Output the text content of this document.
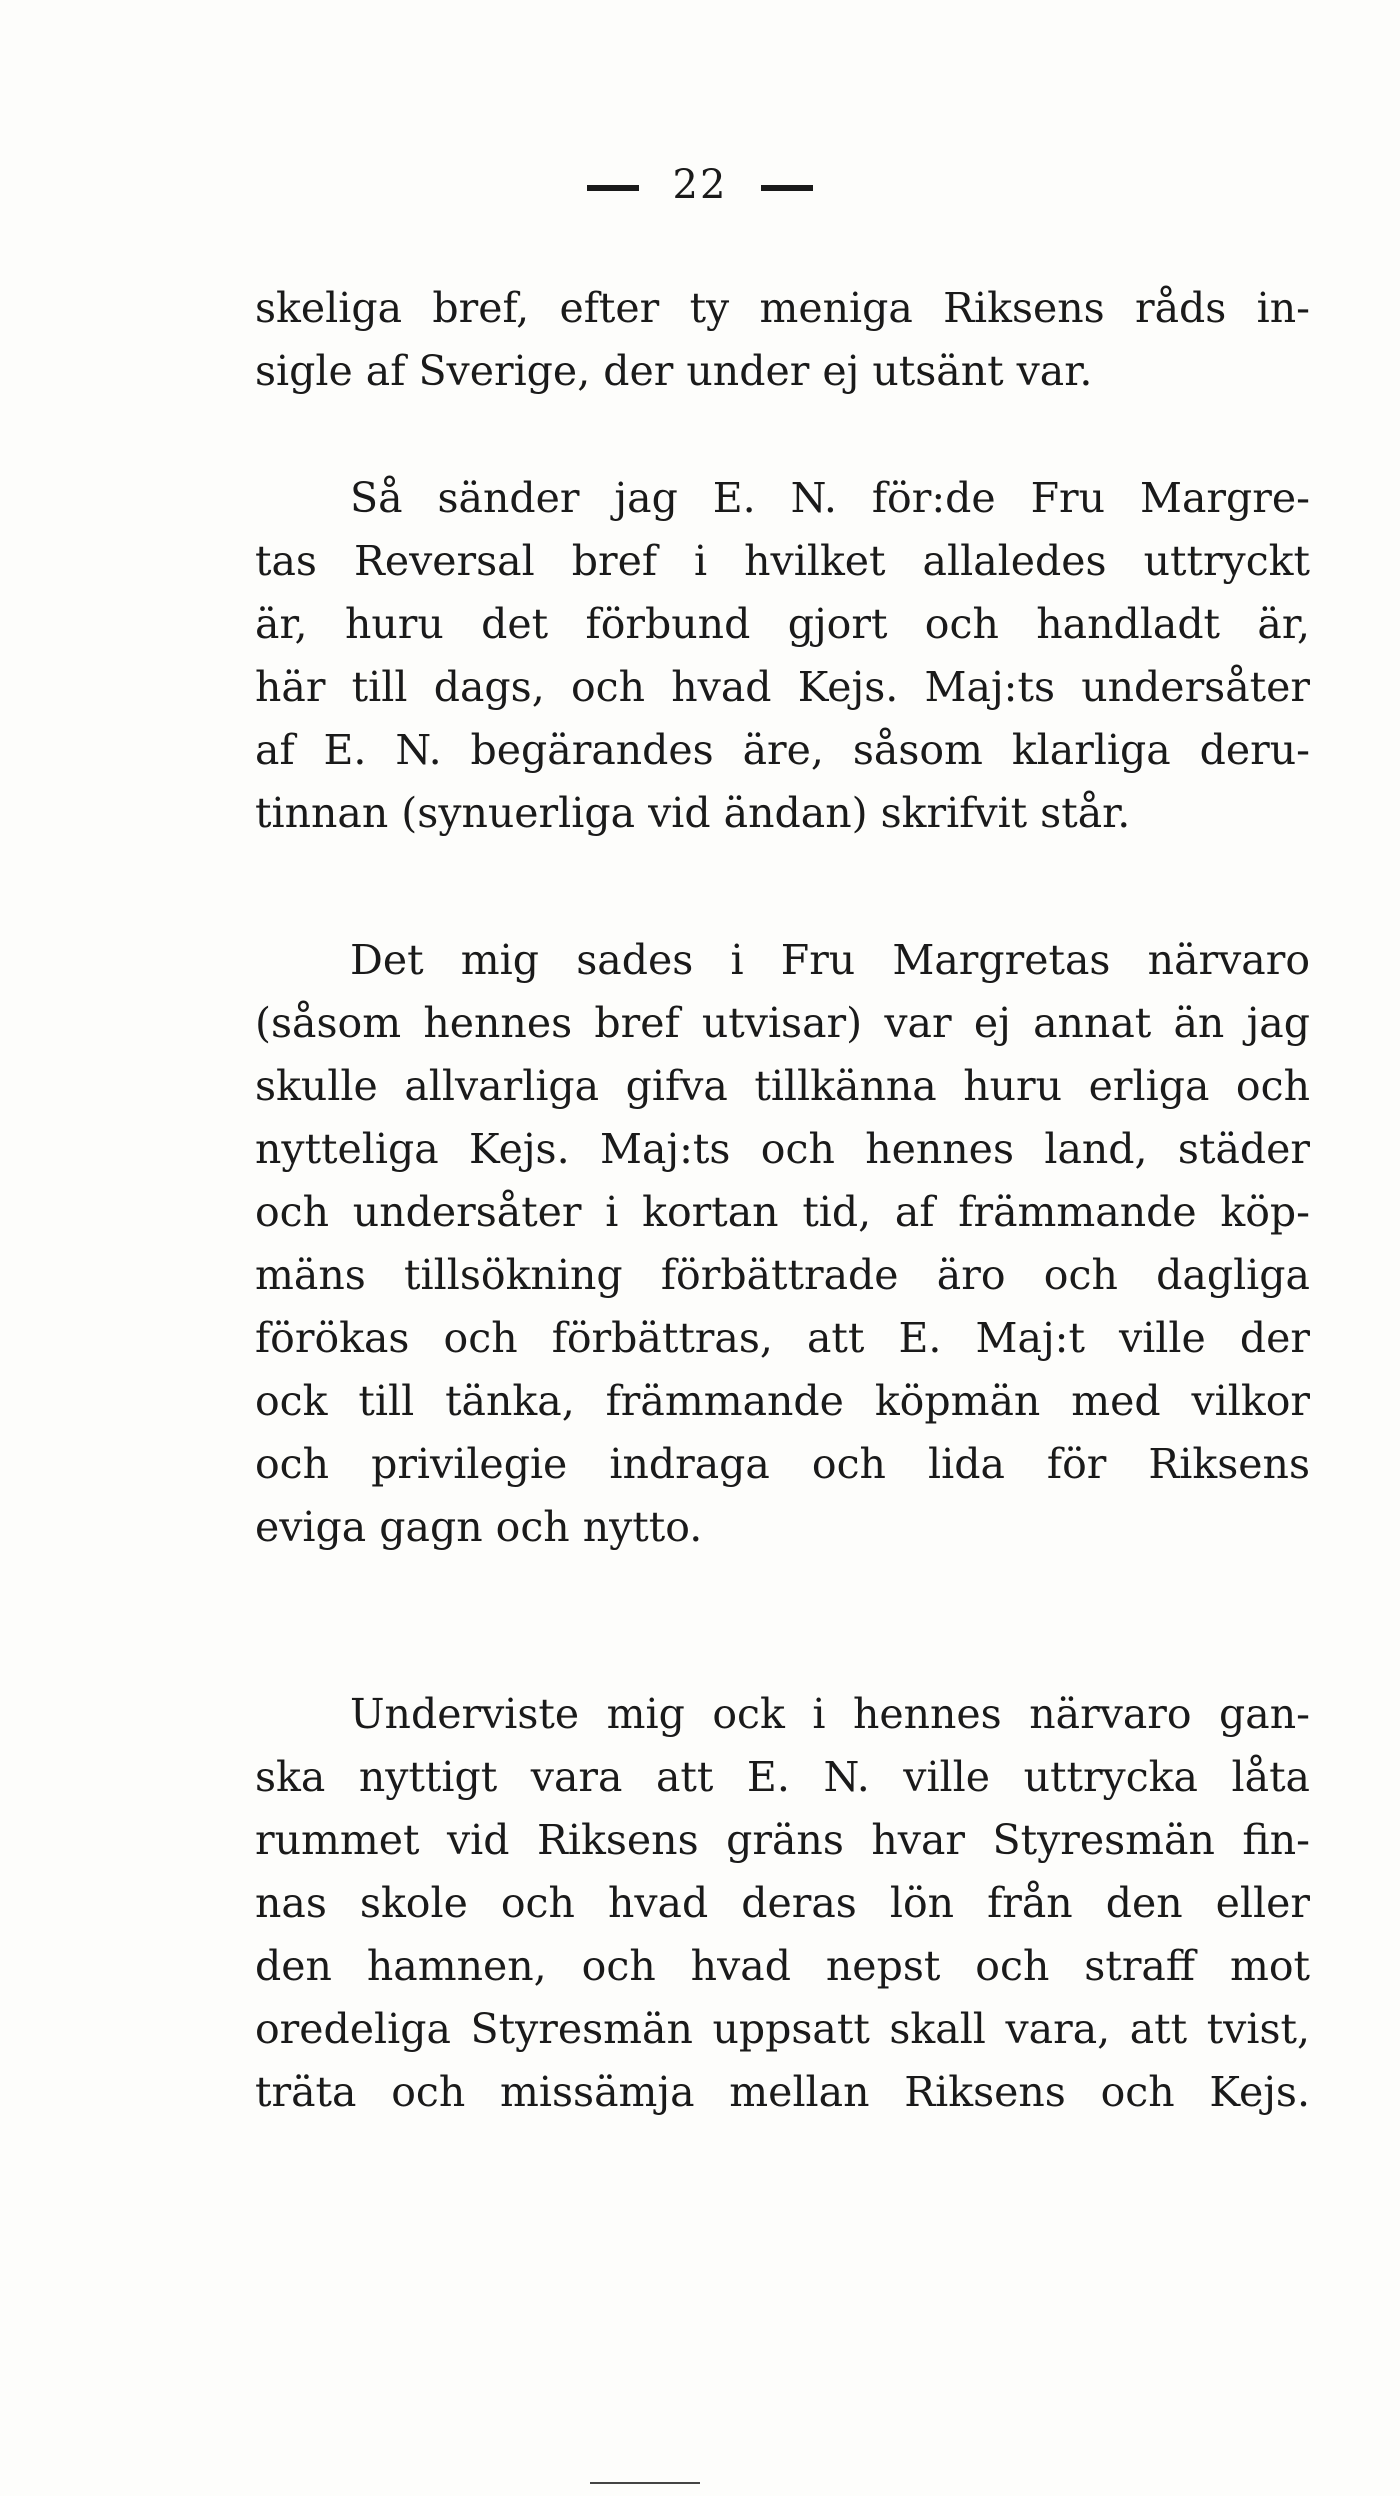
22
skeliga bref, efter ty meniga Riksens råds in-
sigle af Sverige, der under ej utsänt var.
Så sänder jag E. N. för:de Fru Margre-
tas Reversal bref i hvilket allaledes uttryckt
är, huru det förbund gjort och handladt är,
här till dags, och hvad Kejs. Maj:ts undersåter
af E. N. begärandes äre, såsom klarliga deru-
tinnan (synuerliga vid ändan) skrifvit står.
Det mig sades i Fru Margretas närvaro
(såsom hennes bref utvisar) var ej annat än jag
skulle allvarliga gifva tillkänna huru erliga och
nytteliga Kejs. Maj:ts och hennes land, städer
och undersåter i kortan tid, af främmande köp-
mäns tillsökning förbättrade äro och dagliga
förökas och förbättras, att E. Maj:t ville der
ock till tänka, främmande köpmän med vilkor
och privilegie indraga och lida för Riksens
eviga gagn och nytto.
Underviste mig ock i hennes närvaro gan-
ska nyttigt vara att E. N. ville uttrycka låta
rummet vid Riksens gräns hvar Styresmän fin-
nas skole och hvad deras lön från den eller
den hamnen, och hvad nepst och straff mot
oredeliga Styresmän uppsatt skall vara, att tvist,
träta och missämja mellan Riksens och Kejs.
